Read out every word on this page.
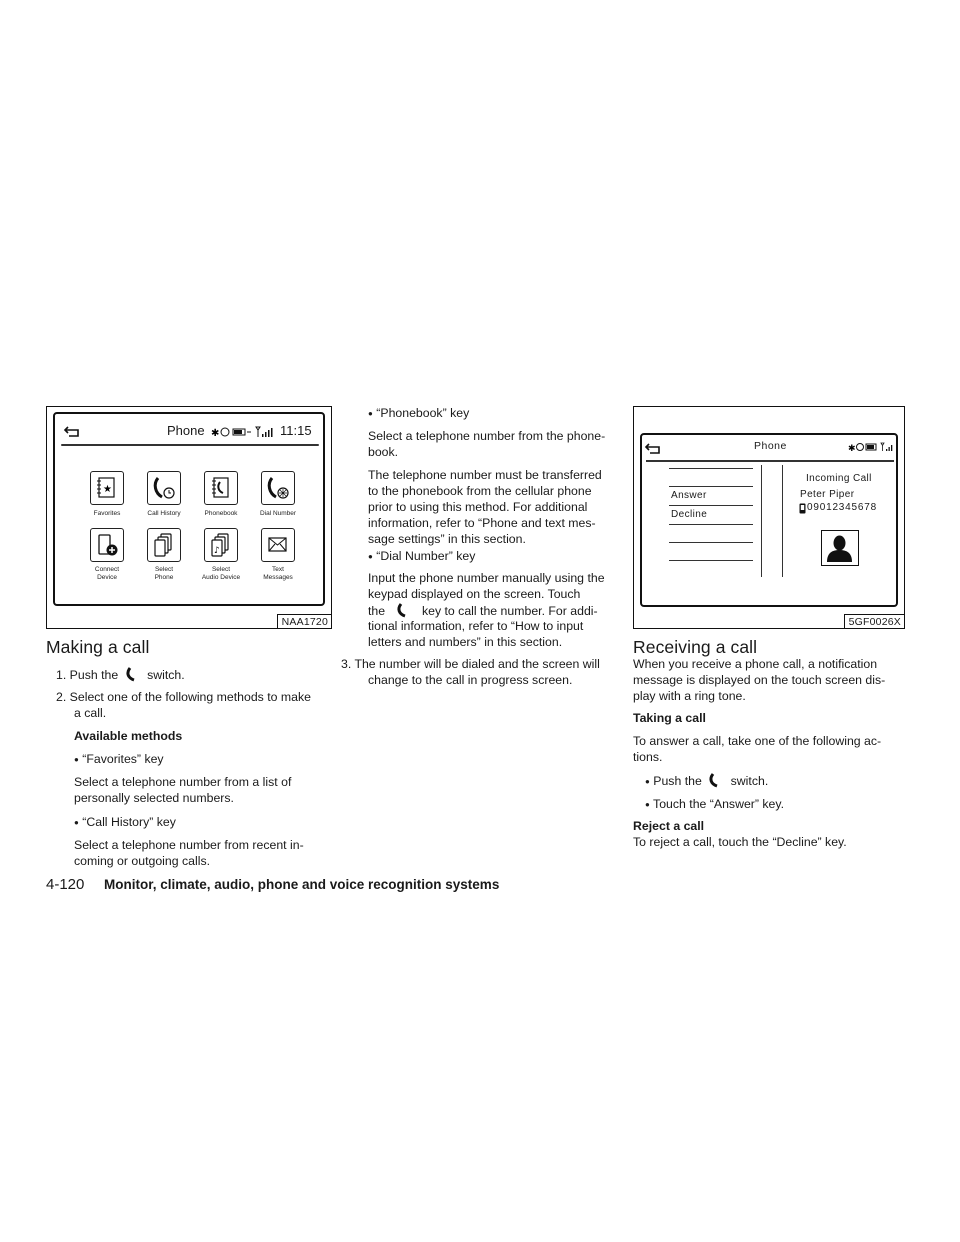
Phone ✱	11:15
★
Favorites	Call History	Phonebook	Dial Number
Connect
Device
Select
Phone
♪
Select
Audio Device
Text
Messages
NAA1720
Phone	✱
Answer
Decline
Incoming Call
Peter Piper
09012345678
5GF0026X
Making a call
1. Push the switch.
2. Select one of the following methods to make
a call.
Available methods
● “Favorites” key
Select a telephone number from a list of
personally selected numbers.
● “Call History” key
Select a telephone number from recent in-
coming or outgoing calls.
● “Phonebook” key
Select a telephone number from the phone-
book.
The telephone number must be transferred
to the phonebook from the cellular phone
prior to using this method. For additional
information, refer to “Phone and text mes-
sage settings” in this section.
● “Dial Number” key
Input the phone number manually using the
keypad displayed on the screen. Touch
the	key to call the number. For addi-
tional information, refer to “How to input
letters and numbers” in this section.
3. The number will be dialed and the screen will
change to the call in progress screen.
Receiving a call
When you receive a phone call, a notification
message is displayed on the touch screen dis-
play with a ring tone.
Taking a call
To answer a call, take one of the following ac-
tions.
● Push the switch.
● Touch the “Answer” key.
Reject a call
To reject a call, touch the “Decline” key.
4-120 Monitor, climate, audio, phone and voice recognition systems
